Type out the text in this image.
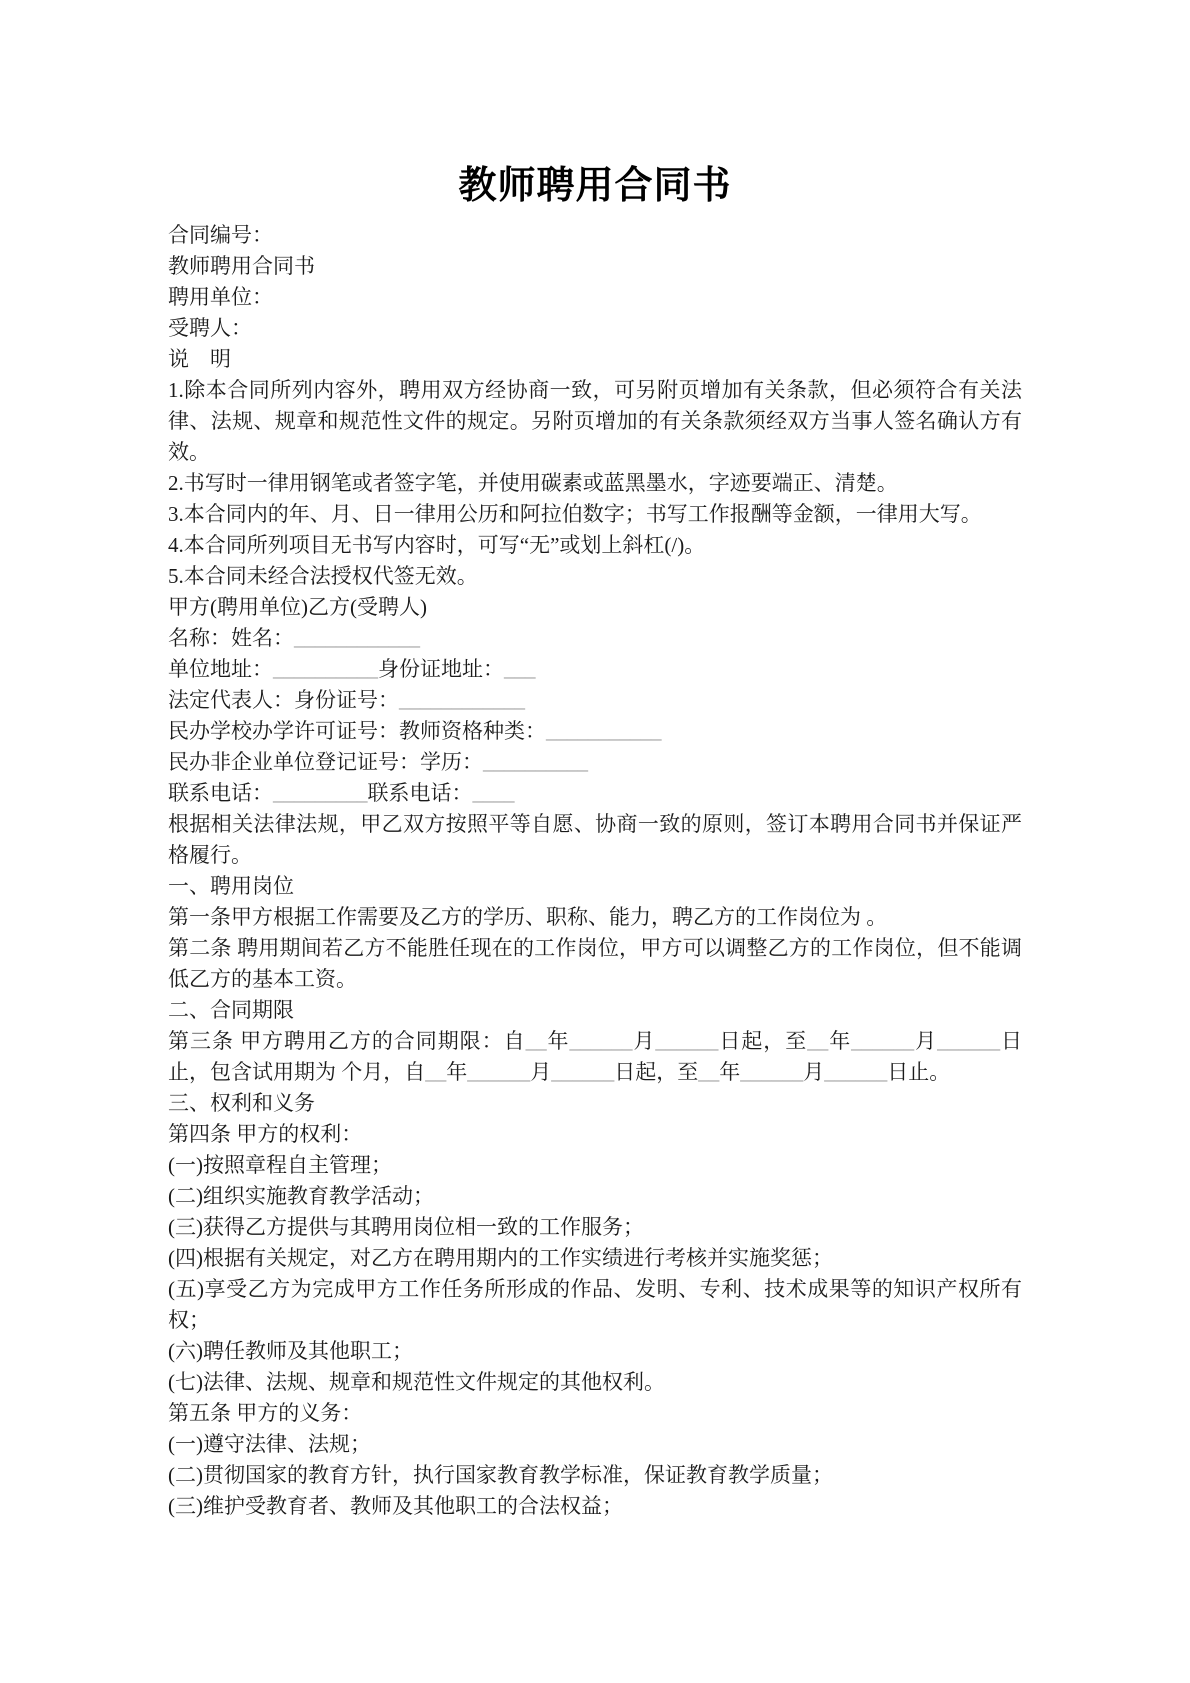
教师聘用合同书

合同编号：

教师聘用合同书

聘用单位：

受聘人：

说　明

1.除本合同所列内容外，聘用双方经协商一致，可另附页增加有关条款，但必须符合有关法律、法规、规章和规范性文件的规定。另附页增加的有关条款须经双方当事人签名确认方有效。

2.书写时一律用钢笔或者签字笔，并使用碳素或蓝黑墨水，字迹要端正、清楚。

3.本合同内的年、月、日一律用公历和阿拉伯数字；书写工作报酬等金额，一律用大写。

4.本合同所列项目无书写内容时，可写“无”或划上斜杠(/)。

5.本合同未经合法授权代签无效。

甲方(聘用单位)乙方(受聘人)

名称：姓名：____________

单位地址：__________身份证地址：___

法定代表人：身份证号：____________

民办学校办学许可证号：教师资格种类：___________

民办非企业单位登记证号：学历：__________

联系电话：_________联系电话：____

根据相关法律法规，甲乙双方按照平等自愿、协商一致的原则，签订本聘用合同书并保证严格履行。

一、聘用岗位

第一条甲方根据工作需要及乙方的学历、职称、能力，聘乙方的工作岗位为 。

第二条 聘用期间若乙方不能胜任现在的工作岗位，甲方可以调整乙方的工作岗位，但不能调低乙方的基本工资。

二、合同期限

第三条 甲方聘用乙方的合同期限：自__年______月______日起，至__年______月______日止，包含试用期为 个月，自__年______月______日起，至__年______月______日止。

三、权利和义务

第四条 甲方的权利：

(一)按照章程自主管理；

(二)组织实施教育教学活动；

(三)获得乙方提供与其聘用岗位相一致的工作服务；

(四)根据有关规定，对乙方在聘用期内的工作实绩进行考核并实施奖惩；

(五)享受乙方为完成甲方工作任务所形成的作品、发明、专利、技术成果等的知识产权所有权；

(六)聘任教师及其他职工；

(七)法律、法规、规章和规范性文件规定的其他权利。

第五条 甲方的义务：

(一)遵守法律、法规；

(二)贯彻国家的教育方针，执行国家教育教学标准，保证教育教学质量；

(三)维护受教育者、教师及其他职工的合法权益；
